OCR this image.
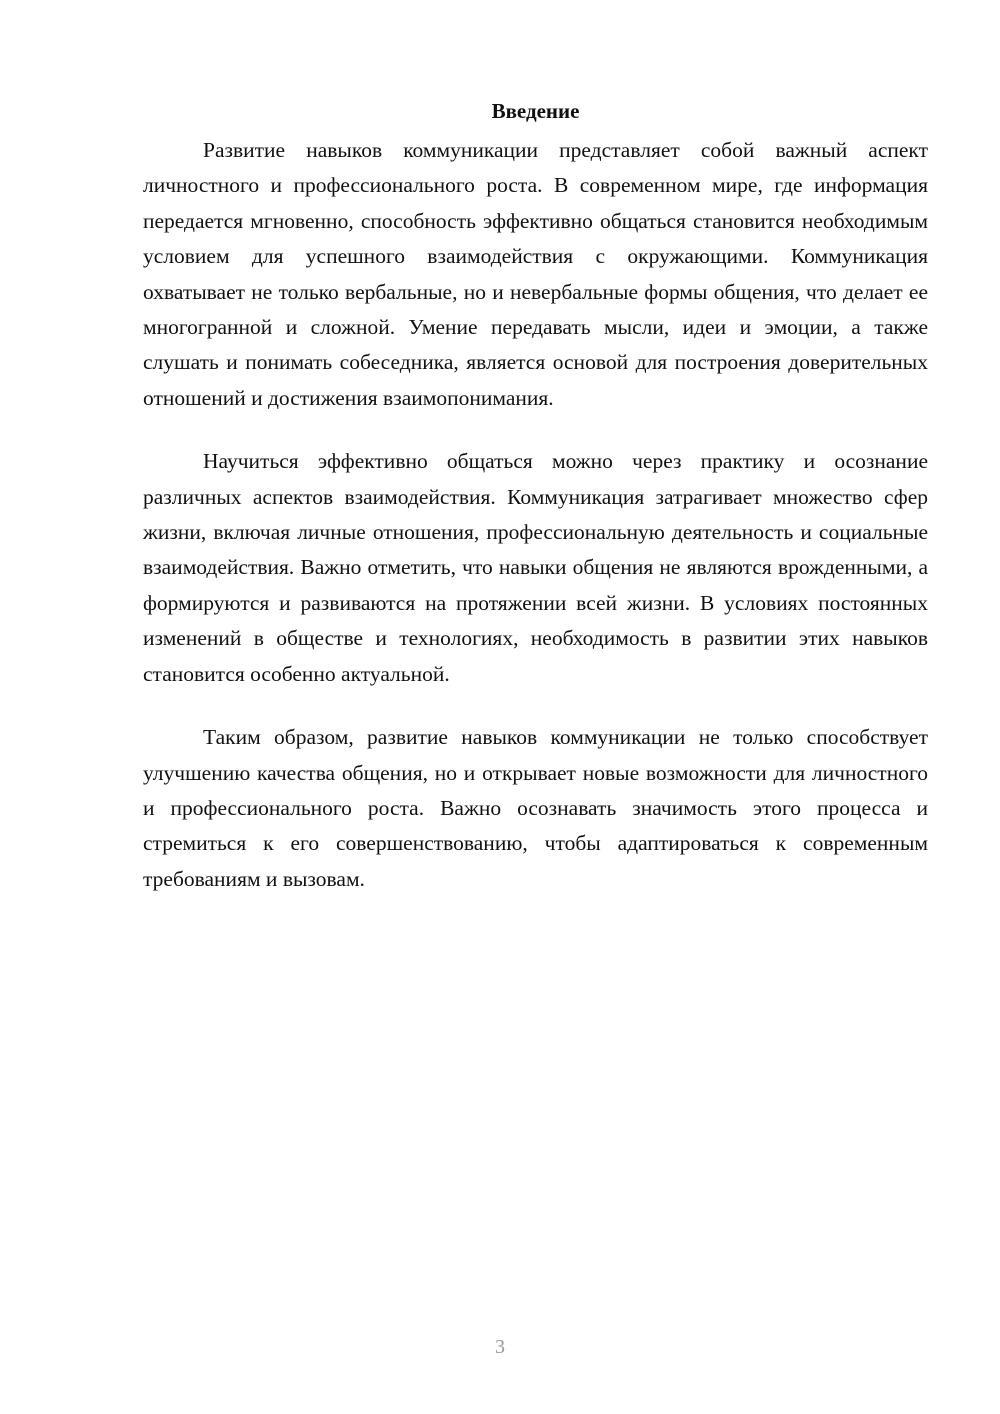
Введение

Развитие навыков коммуникации представляет собой важный аспект личностного и профессионального роста. В современном мире, где информация передается мгновенно, способность эффективно общаться становится необходимым условием для успешного взаимодействия с окружающими. Коммуникация охватывает не только вербальные, но и невербальные формы общения, что делает ее многогранной и сложной. Умение передавать мысли, идеи и эмоции, а также слушать и понимать собеседника, является основой для построения доверительных отношений и достижения взаимопонимания.

Научиться эффективно общаться можно через практику и осознание различных аспектов взаимодействия. Коммуникация затрагивает множество сфер жизни, включая личные отношения, профессиональную деятельность и социальные взаимодействия. Важно отметить, что навыки общения не являются врожденными, а формируются и развиваются на протяжении всей жизни. В условиях постоянных изменений в обществе и технологиях, необходимость в развитии этих навыков становится особенно актуальной.

Таким образом, развитие навыков коммуникации не только способствует улучшению качества общения, но и открывает новые возможности для личностного и профессионального роста. Важно осознавать значимость этого процесса и стремиться к его совершенствованию, чтобы адаптироваться к современным требованиям и вызовам.

3
